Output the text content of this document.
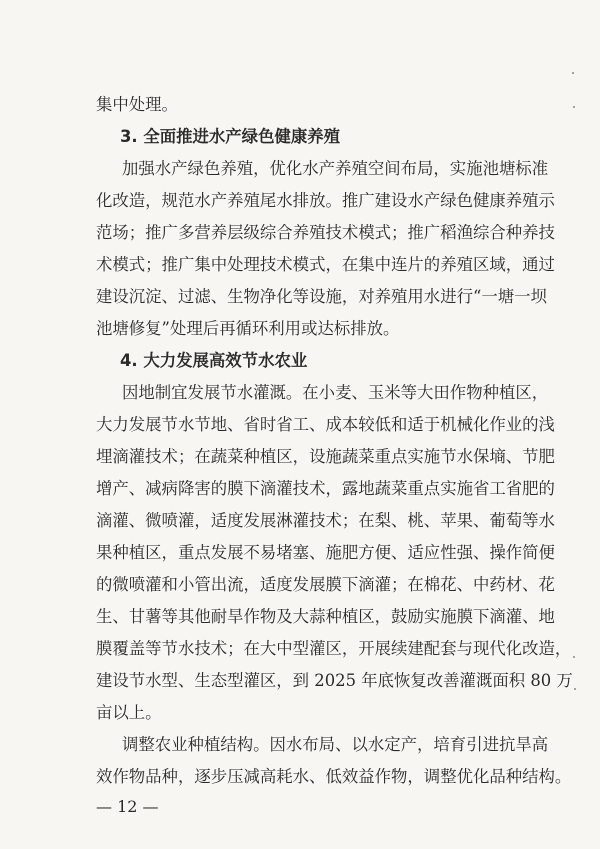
集中处理。
3. 全面推进水产绿色健康养殖
加强水产绿色养殖，优化水产养殖空间布局，实施池塘标准
化改造，规范水产养殖尾水排放。推广建设水产绿色健康养殖示
范场；推广多营养层级综合养殖技术模式；推广稻渔综合种养技
术模式；推广集中处理技术模式，在集中连片的养殖区域，通过
建设沉淀、过滤、生物净化等设施，对养殖用水进行“一塘一坝
池塘修复”处理后再循环利用或达标排放。
4. 大力发展高效节水农业
因地制宜发展节水灌溉。在小麦、玉米等大田作物种植区，
大力发展节水节地、省时省工、成本较低和适于机械化作业的浅
埋滴灌技术；在蔬菜种植区，设施蔬菜重点实施节水保墒、节肥
增产、减病降害的膜下滴灌技术，露地蔬菜重点实施省工省肥的
滴灌、微喷灌，适度发展淋灌技术；在梨、桃、苹果、葡萄等水
果种植区，重点发展不易堵塞、施肥方便、适应性强、操作简便
的微喷灌和小管出流，适度发展膜下滴灌；在棉花、中药材、花
生、甘薯等其他耐旱作物及大蒜种植区，鼓励实施膜下滴灌、地
膜覆盖等节水技术；在大中型灌区，开展续建配套与现代化改造，
建设节水型、生态型灌区，到 2025 年底恢复改善灌溉面积 80 万
亩以上。
调整农业种植结构。因水布局、以水定产，培育引进抗旱高
效作物品种，逐步压减高耗水、低效益作物，调整优化品种结构。
— 12 —
